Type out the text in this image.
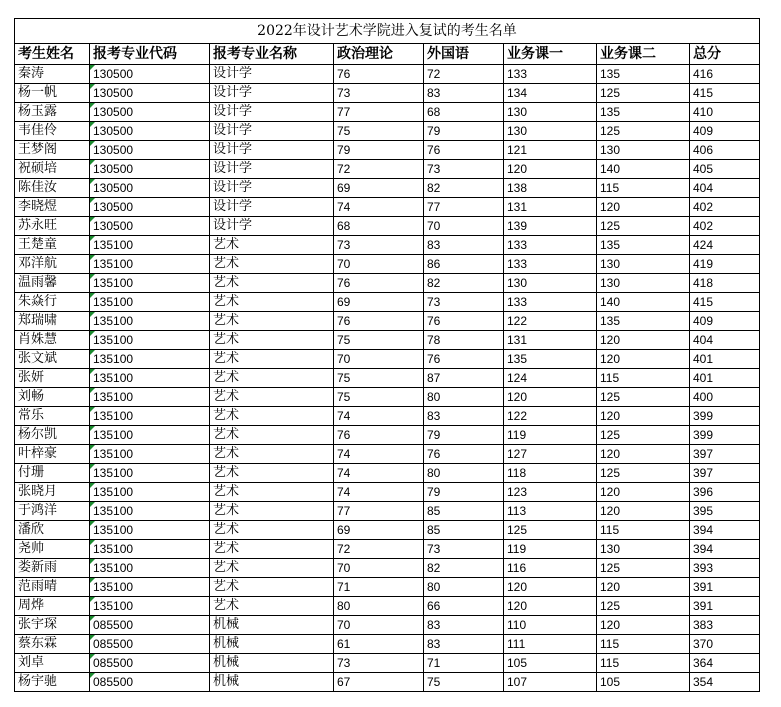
2022年设计艺术学院进入复试的考生名单							
考生姓名	报考专业代码	报考专业名称	政治理论	外国语	业务课一	业务课二	总分
秦涛	130500	设计学	76	72	133	135	416
杨一帆	130500	设计学	73	83	134	125	415
杨玉露	130500	设计学	77	68	130	135	410
韦佳伶	130500	设计学	75	79	130	125	409
王梦阁	130500	设计学	79	76	121	130	406
祝硕培	130500	设计学	72	73	120	140	405
陈佳汝	130500	设计学	69	82	138	115	404
李晓煜	130500	设计学	74	77	131	120	402
苏永旺	130500	设计学	68	70	139	125	402
王楚童	135100	艺术	73	83	133	135	424
邓洋航	135100	艺术	70	86	133	130	419
温雨馨	135100	艺术	76	82	130	130	418
朱焱行	135100	艺术	69	73	133	140	415
郑瑞啸	135100	艺术	76	76	122	135	409
肖姝慧	135100	艺术	75	78	131	120	404
张文斌	135100	艺术	70	76	135	120	401
张妍	135100	艺术	75	87	124	115	401
刘畅	135100	艺术	75	80	120	125	400
常乐	135100	艺术	74	83	122	120	399
杨尔凯	135100	艺术	76	79	119	125	399
叶梓豪	135100	艺术	74	76	127	120	397
付珊	135100	艺术	74	80	118	125	397
张晓月	135100	艺术	74	79	123	120	396
于鸿洋	135100	艺术	77	85	113	120	395
潘欣	135100	艺术	69	85	125	115	394
尧帅	135100	艺术	72	73	119	130	394
娄新雨	135100	艺术	70	82	116	125	393
范雨晴	135100	艺术	71	80	120	120	391
周烨	135100	艺术	80	66	120	125	391
张宇琛	085500	机械	70	83	110	120	383
蔡东霖	085500	机械	61	83	111	115	370
刘卓	085500	机械	73	71	105	115	364
杨宇驰	085500	机械	67	75	107	105	354
